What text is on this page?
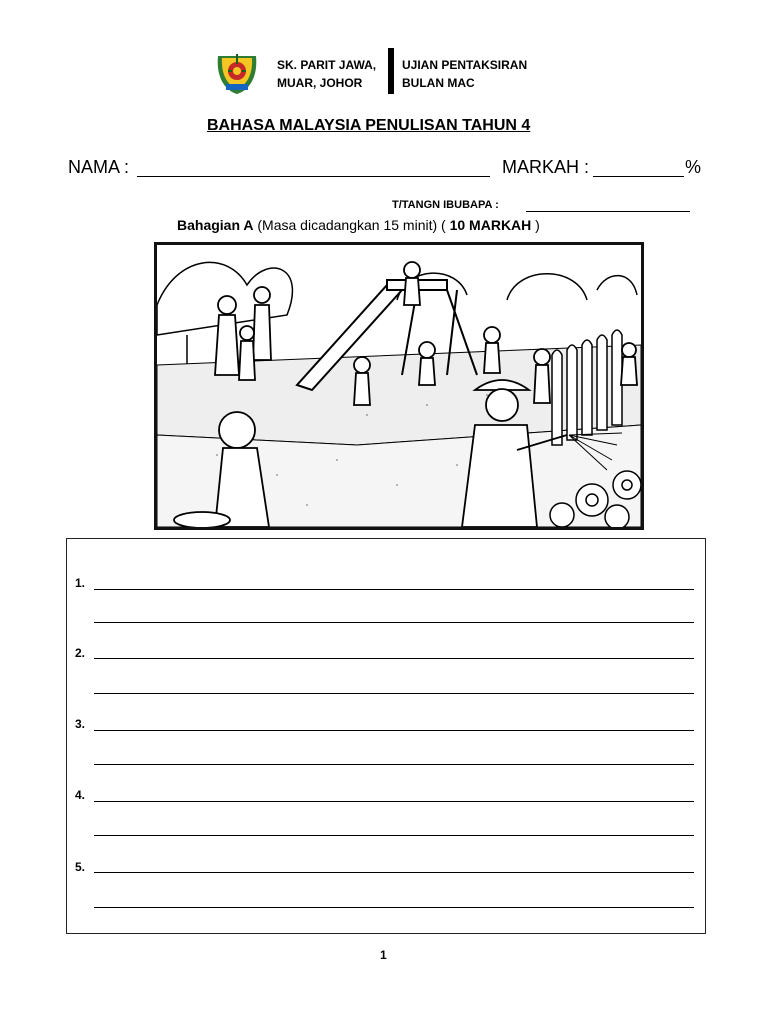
SK. PARIT JAWA,
MUAR, JOHOR
UJIAN PENTAKSIRAN
BULAN MAC
BAHASA MALAYSIA PENULISAN TAHUN 4
NAMA :	MARKAH :	%
T/TANGN IBUBAPA :
Bahagian A (Masa dicadangkan 15 minit) ( 10 MARKAH )
1.
2.
3.
4.
5.
1
